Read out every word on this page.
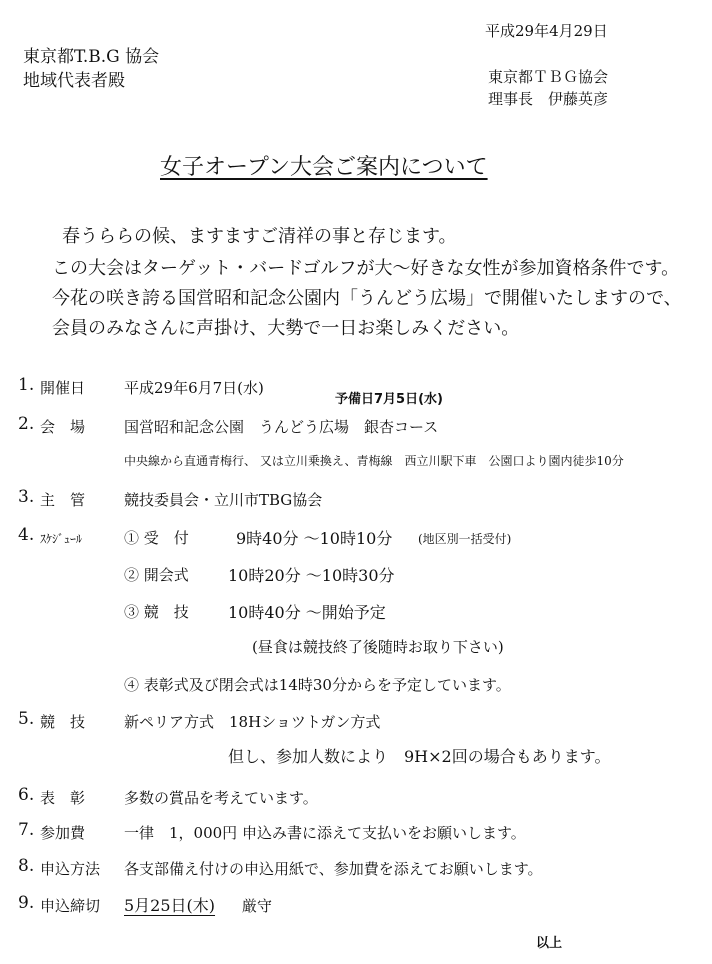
平成29年4月29日
東京都T.B.G 協会
地域代表者殿	東京都ＴＢＧ協会
理事長　伊藤英彦
女子オープン大会ご案内について
春うららの候、ますますご清祥の事と存じます。
この大会はターゲット・バードゴルフが大～好きな女性が参加資格条件です。
今花の咲き誇る国営昭和記念公園内「うんどう広場」で開催いたしますので、
会員のみなさんに声掛け、大勢で一日お楽しみください。
1. 開催日	平成29年6月7日(水)
予備日7月5日(水)
2. 会　場	国営昭和記念公園　うんどう広場　銀杏コース
中央線から直通青梅行、 又は立川乗換え、青梅線　西立川駅下車　公園口より園内徒歩10分
3. 主　管	競技委員会・立川市TBG協会
4. ｽｹｼﾞｭｰﾙ	① 受　付	9時40分 ～10時10分 (地区別一括受付)
② 開会式 10時20分 ～10時30分
③ 競　技 10時40分 ～開始予定
(昼食は競技終了後随時お取り下さい)
④ 表彰式及び閉会式は14時30分からを予定しています。
5. 競　技	新ペリア方式　18Hショツトガン方式
但し、参加人数により　9H×2回の場合もあります。
6. 表　彰	多数の賞品を考えています。
7. 参加費	一律　1，000円 申込み書に添えて支払いをお願いします。
8. 申込方法 各支部備え付けの申込用紙で、参加費を添えてお願いします。
9. 申込締切 5月25日(木) 厳守
以上
